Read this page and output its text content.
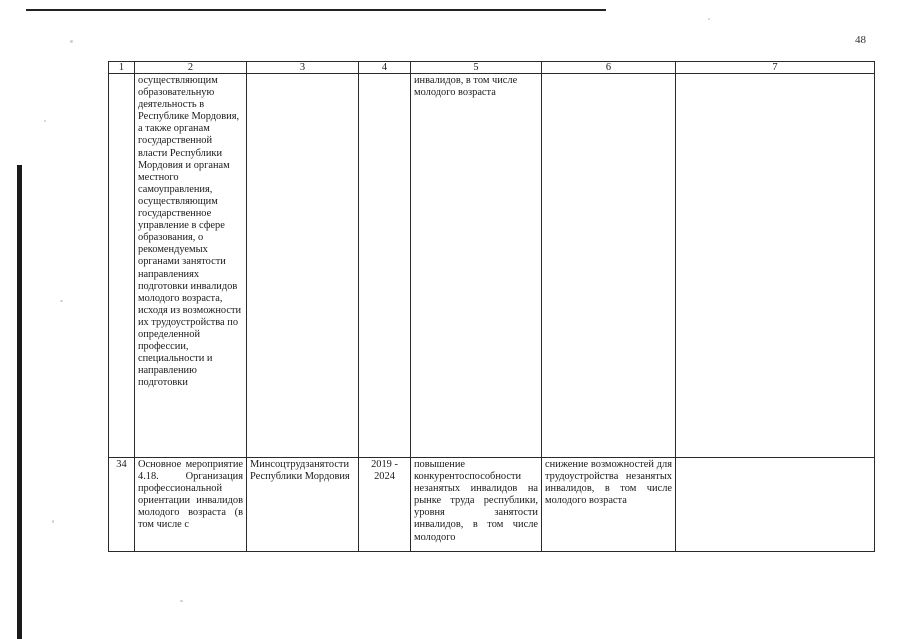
48
1	2	3	4	5	6	7
	осуществляющим образовательную деятельность в Республике Мордовия, а также органам государственной власти Республики Мордовия и органам местного самоуправления, осуществляющим государственное управление в сфере образования, о рекомендуемых органами занятости направлениях подготовки инвалидов молодого возраста, исходя из возможности их трудоустройства по определенной профессии, специальности и направлению подготовки			инвалидов, в том числе молодого возраста		
34	Основное мероприятие 4.18. Организация профессиональной ориентации инвалидов молодого возраста (в том числе с	Минсоцтрудзанятости Республики Мордовия	2019 - 2024	повышение конкурентоспособности незанятых инвалидов на рынке труда республики, уровня занятости инвалидов, в том числе молодого	снижение возможностей для трудоустройства незанятых инвалидов, в том числе молодого возраста	
